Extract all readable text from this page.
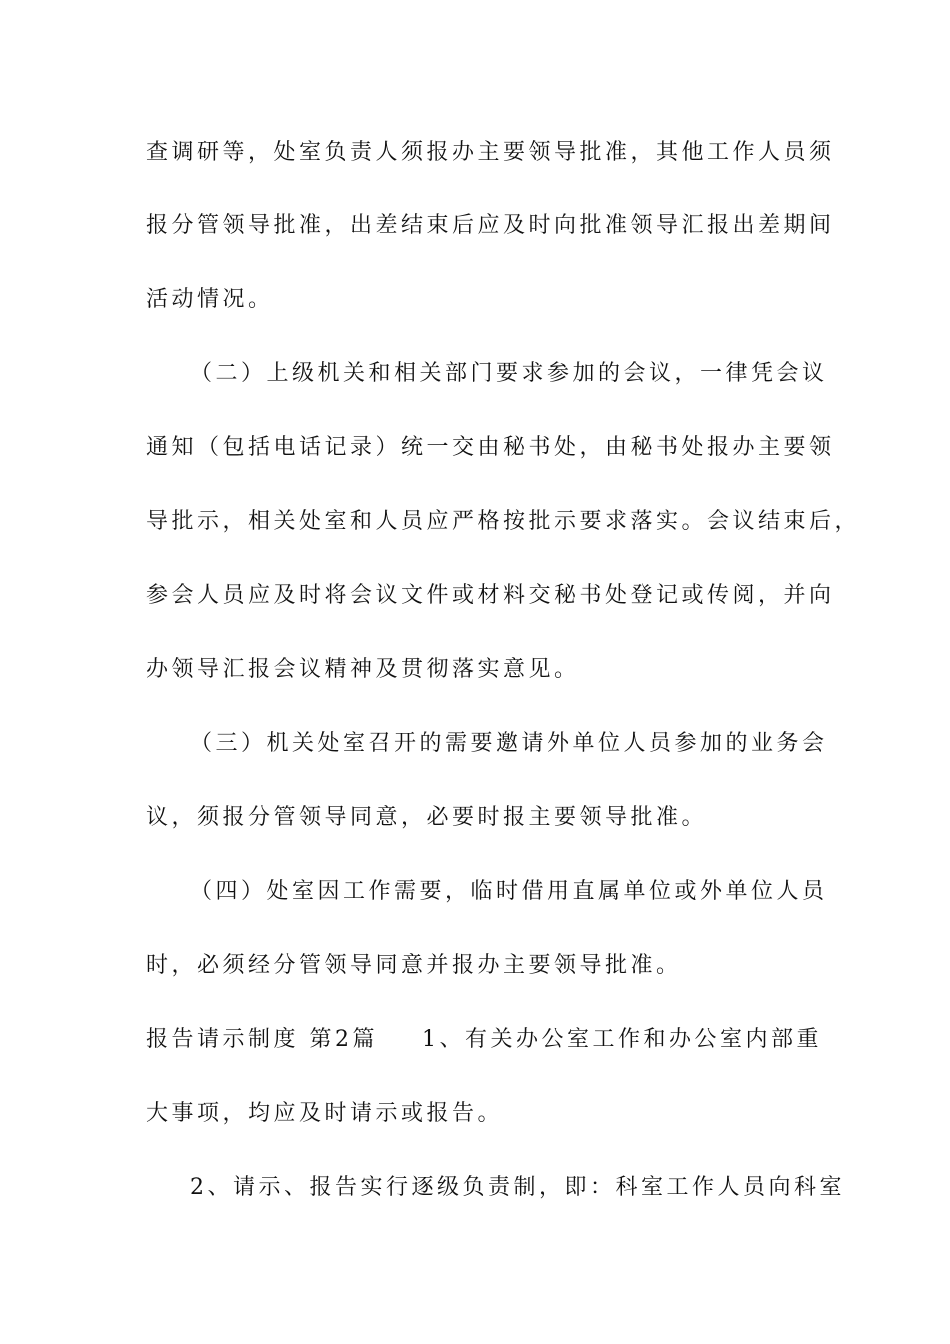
查调研等，处室负责人须报办主要领导批准，其他工作人员须
报分管领导批准，出差结束后应及时向批准领导汇报出差期间
活动情况。
（二）上级机关和相关部门要求参加的会议，一律凭会议
通知（包括电话记录）统一交由秘书处，由秘书处报办主要领
导批示，相关处室和人员应严格按批示要求落实。会议结束后，
参会人员应及时将会议文件或材料交秘书处登记或传阅，并向
办领导汇报会议精神及贯彻落实意见。
（三）机关处室召开的需要邀请外单位人员参加的业务会
议，须报分管领导同意，必要时报主要领导批准。
（四）处室因工作需要，临时借用直属单位或外单位人员
时，必须经分管领导同意并报办主要领导批准。
报告请示制度 第2篇 1、有关办公室工作和办公室内部重
大事项，均应及时请示或报告。
2、请示、报告实行逐级负责制，即：科室工作人员向科室
